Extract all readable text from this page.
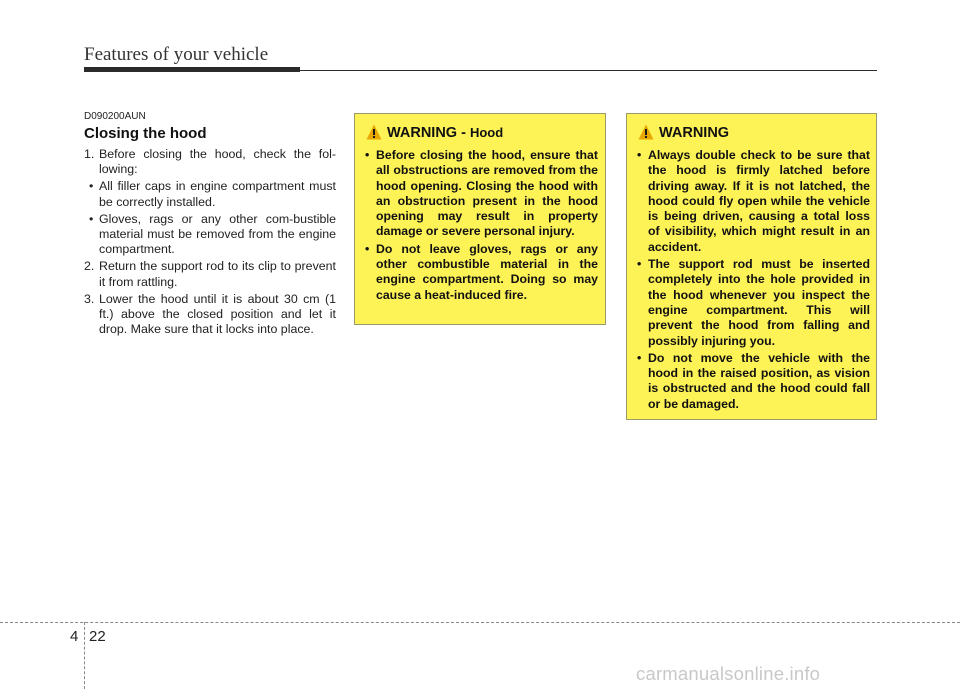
Features of your vehicle
D090200AUN
Closing the hood
1. Before closing the hood, check the fol-lowing:
• All filler caps in engine compartment must be correctly installed.
• Gloves, rags or any other com-bustible material must be removed from the engine compartment.
2. Return the support rod to its clip to prevent it from rattling.
3. Lower the hood until it is about 30 cm (1 ft.) above the closed position and let it drop. Make sure that it locks into place.
WARNING - Hood
• Before closing the hood, ensure that all obstructions are removed from the hood opening. Closing the hood with an obstruction present in the hood opening may result in property damage or severe personal injury.
• Do not leave gloves, rags or any other combustible material in the engine compartment. Doing so may cause a heat-induced fire.
WARNING
• Always double check to be sure that the hood is firmly latched before driving away. If it is not latched, the hood could fly open while the vehicle is being driven, causing a total loss of visibility, which might result in an accident.
• The support rod must be inserted completely into the hole provided in the hood whenever you inspect the engine compartment. This will prevent the hood from falling and possibly injuring you.
• Do not move the vehicle with the hood in the raised position, as vision is obstructed and the hood could fall or be damaged.
4 22
carmanualsonline.info
